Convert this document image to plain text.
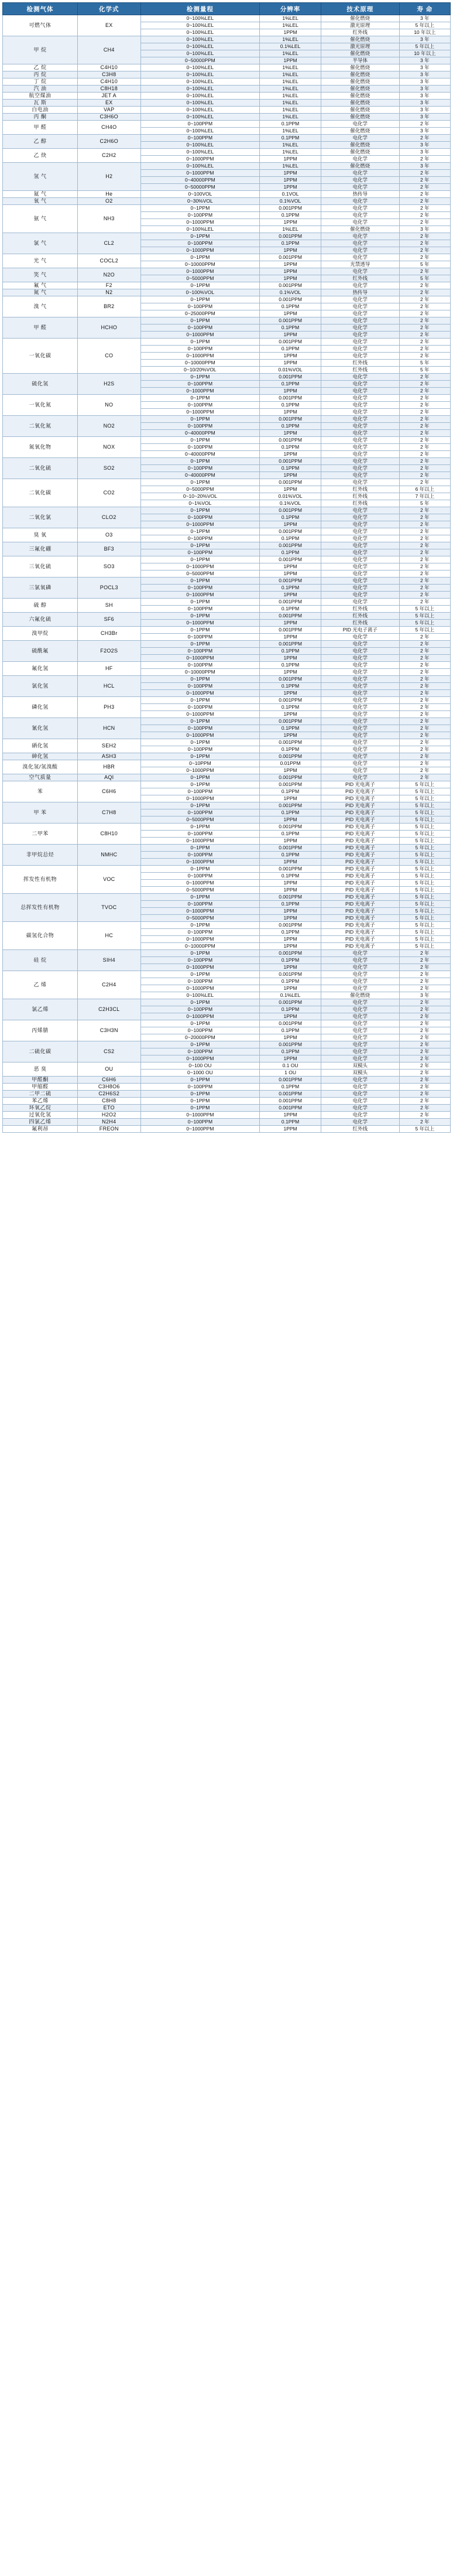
检测气体	化学式	检测量程	分辨率	技术原理	寿 命
可燃气体	EX	0~100%LEL	1%LEL	催化燃烧	3 年
		0~100%LEL	1%LEL	激光原理	5 年以上
		0~100%LEL	1PPM	红外线	10 年以上
甲 烷	CH4	0~100%LEL	1%LEL	催化燃烧	3 年
		0~100%LEL	0.1%LEL	激光原理	5 年以上
		0~100%LEL	1%LEL	催化燃烧	10 年以上
		0~50000PPM	1PPM	半导体	3 年
乙 烷	C4H10	0~100%LEL	1%LEL	催化燃烧	3 年
丙 烷	C3H8	0~100%LEL	1%LEL	催化燃烧	3 年
丁 烷	C4H10	0~100%LEL	1%LEL	催化燃烧	3 年
汽 油	C8H18	0~100%LEL	1%LEL	催化燃烧	3 年
航空煤油	JET A	0~100%LEL	1%LEL	催化燃烧	3 年
瓦 斯	EX	0~100%LEL	1%LEL	催化燃烧	3 年
白电油	VAP	0~100%LEL	1%LEL	催化燃烧	3 年
丙 酮	C3H6O	0~100%LEL	1%LEL	催化燃烧	3 年
甲 醛	CH4O	0~100PPM	0.1PPM	电化学	2 年
		0~100%LEL	1%LEL	催化燃烧	3 年
乙 醇	C2H6O	0~100PPM	0.1PPM	电化学	2 年
		0~100%LEL	1%LEL	催化燃烧	3 年
乙 炔	C2H2	0~100%LEL	1%LEL	催化燃烧	3 年
		0~1000PPM	1PPM	电化学	2 年
氢 气	H2	0~100%LEL	1%LEL	催化燃烧	3 年
		0~1000PPM	1PPM	电化学	2 年
		0~40000PPM	1PPM	电化学	2 年
		0~50000PPM	1PPM	电化学	2 年
氦 气	He	0~100VOL	0.1VOL	热传导	2 年
氧 气	O2	0~30%VOL	0.1%VOL	电化学	2 年
氨 气	NH3	0~1PPM	0.001PPM	电化学	2 年
		0~100PPM	0.1PPM	电化学	2 年
		0~1000PPM	1PPM	电化学	2 年
		0~100%LEL	1%LEL	催化燃烧	3 年
氯 气	CL2	0~1PPM	0.001PPM	电化学	2 年
		0~100PPM	0.1PPM	电化学	2 年
		0~1000PPM	1PPM	电化学	2 年
光 气	COCL2	0~1PPM	0.001PPM	电化学	2 年
		0~10000PPM	1PPM	光禁透导	5 年
笑 气	N2O	0~1000PPM	1PPM	电化学	2 年
		0~5000PPM	1PPM	红外线	5 年
氟 气	F2	0~1PPM	0.001PPM	电化学	2 年
氮 气	N2	0~100%VOL	0.1%VOL	热传导	2 年
溴 气	BR2	0~1PPM	0.001PPM	电化学	2 年
		0~100PPM	0.1PPM	电化学	2 年
		0~25000PPM	1PPM	电化学	2 年
甲 醛	HCHO	0~1PPM	0.001PPM	电化学	2 年
		0~100PPM	0.1PPM	电化学	2 年
		0~1000PPM	1PPM	电化学	2 年
一氧化碳	CO	0~1PPM	0.001PPM	电化学	2 年
		0~100PPM	0.1PPM	电化学	2 年
		0~1000PPM	1PPM	电化学	2 年
		0~10000PPM	1PPM	红外线	5 年
		0~10/20%VOL	0.01%VOL	红外线	5 年
硫化氢	H2S	0~1PPM	0.001PPM	电化学	2 年
		0~100PPM	0.1PPM	电化学	2 年
		0~1000PPM	1PPM	电化学	2 年
一氧化氮	NO	0~1PPM	0.001PPM	电化学	2 年
		0~100PPM	0.1PPM	电化学	2 年
		0~1000PPM	1PPM	电化学	2 年
二氧化氮	NO2	0~1PPM	0.001PPM	电化学	2 年
		0~100PPM	0.1PPM	电化学	2 年
		0~40000PPM	1PPM	电化学	2 年
氮氧化物	NOX	0~1PPM	0.001PPM	电化学	2 年
		0~100PPM	0.1PPM	电化学	2 年
		0~40000PPM	1PPM	电化学	2 年
二氧化硫	SO2	0~1PPM	0.001PPM	电化学	2 年
		0~100PPM	0.1PPM	电化学	2 年
		0~40000PPM	1PPM	电化学	2 年
二氧化碳	CO2	0~1PPM	0.001PPM	电化学	2 年
		0~5000PPM	1PPM	红外线	6 年以上
		0~10~20%VOL	0.01%VOL	红外线	7 年以上
		0~1%VOL	0.1%VOL	红外线	5 年
二氧化氯	CLO2	0~1PPM	0.001PPM	电化学	2 年
		0~100PPM	0.1PPM	电化学	2 年
		0~1000PPM	1PPM	电化学	2 年
臭 氧	O3	0~1PPM	0.001PPM	电化学	2 年
		0~100PPM	0.1PPM	电化学	2 年
三氟化硼	BF3	0~1PPM	0.001PPM	电化学	2 年
		0~100PPM	0.1PPM	电化学	2 年
三氧化硫	SO3	0~1PPM	0.001PPM	电化学	2 年
		0~1000PPM	1PPM	电化学	2 年
		0~5000PPM	1PPM	电化学	2 年
三氯氧磷	POCL3	0~1PPM	0.001PPM	电化学	2 年
		0~100PPM	0.1PPM	电化学	2 年
		0~1000PPM	1PPM	电化学	2 年
硫 醇	SH	0~1PPM	0.001PPM	电化学	2 年
		0~100PPM	0.1PPM	红外线	5 年以上
六氟化硫	SF6	0~1PPM	0.001PPM	红外线	5 年以上
		0~1000PPM	1PPM	红外线	5 年以上
溴甲烷	CH3Br	0~1PPM	0.001PPM	PID 光电子离子	5 年以上
		0~100PPM	1PPM	电化学	2 年
硫酰氟	F2O2S	0~1PPM	0.001PPM	电化学	2 年
		0~100PPM	0.1PPM	电化学	2 年
		0~1000PPM	1PPM	电化学	2 年
氟化氢	HF	0~100PPM	0.1PPM	电化学	2 年
		0~10000PPM	1PPM	电化学	2 年
氯化氢	HCL	0~1PPM	0.001PPM	电化学	2 年
		0~100PPM	0.1PPM	电化学	2 年
		0~1000PPM	1PPM	电化学	2 年
磷化氢	PH3	0~1PPM	0.001PPM	电化学	2 年
		0~100PPM	0.1PPM	电化学	2 年
		0~1000PPM	1PPM	电化学	2 年
氰化氢	HCN	0~1PPM	0.001PPM	电化学	2 年
		0~100PPM	0.1PPM	电化学	2 年
		0~1000PPM	1PPM	电化学	2 年
硒化氢	SEH2	0~1PPM	0.001PPM	电化学	2 年
		0~100PPM	0.1PPM	电化学	2 年
砷化氢	ASH3	0~1PPM	0.001PPM	电化学	2 年
溴化氢/氢溴酸	HBR	0~10PPM	0.01PPM	电化学	2 年
		0~1000PPM	1PPM	电化学	2 年
空气质量	AQI	0~1PPM	0.001PPM	电化学	2 年
苯	C6H6	0~1PPM	0.001PPM	PID 光电离子	5 年以上
		0~100PPM	0.1PPM	PID 光电离子	5 年以上
		0~1000PPM	1PPM	PID 光电离子	5 年以上
甲 苯	C7H8	0~1PPM	0.001PPM	PID 光电离子	5 年以上
		0~100PPM	0.1PPM	PID 光电离子	5 年以上
		0~5000PPM	1PPM	PID 光电离子	5 年以上
二甲苯	C8H10	0~1PPM	0.001PPM	PID 光电离子	5 年以上
		0~100PPM	0.1PPM	PID 光电离子	5 年以上
		0~1000PPM	1PPM	PID 光电离子	5 年以上
非甲烷总烃	NMHC	0~1PPM	0.001PPM	PID 光电离子	5 年以上
		0~100PPM	0.1PPM	PID 光电离子	5 年以上
		0~1000PPM	1PPM	PID 光电离子	5 年以上
挥发性有机物	VOC	0~1PPM	0.001PPM	PID 光电离子	5 年以上
		0~100PPM	0.1PPM	PID 光电离子	5 年以上
		0~1000PPM	1PPM	PID 光电离子	5 年以上
		0~5000PPM	1PPM	PID 光电离子	5 年以上
总挥发性有机物	TVOC	0~1PPM	0.001PPM	PID 光电离子	5 年以上
		0~100PPM	0.1PPM	PID 光电离子	5 年以上
		0~1000PPM	1PPM	PID 光电离子	5 年以上
		0~5000PPM	1PPM	PID 光电离子	5 年以上
碳氢化合物	HC	0~1PPM	0.001PPM	PID 光电离子	5 年以上
		0~100PPM	0.1PPM	PID 光电离子	5 年以上
		0~1000PPM	1PPM	PID 光电离子	5 年以上
		0~10000PPM	1PPM	PID 光电离子	5 年以上
硅 烷	SIH4	0~1PPM	0.001PPM	电化学	2 年
		0~100PPM	0.1PPM	电化学	2 年
		0~1000PPM	1PPM	电化学	2 年
乙 烯	C2H4	0~1PPM	0.001PPM	电化学	2 年
		0~100PPM	0.1PPM	电化学	2 年
		0~1000PPM	1PPM	电化学	2 年
		0~100%LEL	0.1%LEL	催化燃烧	3 年
氯乙烯	C2H3CL	0~1PPM	0.001PPM	电化学	2 年
		0~100PPM	0.1PPM	电化学	2 年
		0~1000PPM	1PPM	电化学	2 年
丙烯腈	C3H3N	0~1PPM	0.001PPM	电化学	2 年
		0~100PPM	0.1PPM	电化学	2 年
		0~20000PPM	1PPM	电化学	2 年
二硫化碳	CS2	0~1PPM	0.001PPM	电化学	2 年
		0~100PPM	0.1PPM	电化学	2 年
		0~1000PPM	1PPM	电化学	2 年
恶 臭	OU	0~100 OU	0.1 OU	双模头	2 年
		0~1000 OU	1 OU	双模头	2 年
甲醛酮	C6H6	0~1PPM	0.001PPM	电化学	2 年
甲缩醛	C3H8O6	0~100PPM	0.1PPM	电化学	2 年
二甲二硫	C2H6S2	0~1PPM	0.001PPM	电化学	2 年
苯乙烯	C8H8	0~1PPM	0.001PPM	电化学	2 年
环氧乙烷	ETO	0~1PPM	0.001PPM	电化学	2 年
过氧化氢	H2O2	0~1000PPM	1PPM	电化学	2 年
四氯乙烯	N2H4	0~100PPM	0.1PPM	电化学	2 年
氟利昂	FREON	0~1000PPM	1PPM	红外线	5 年以上
